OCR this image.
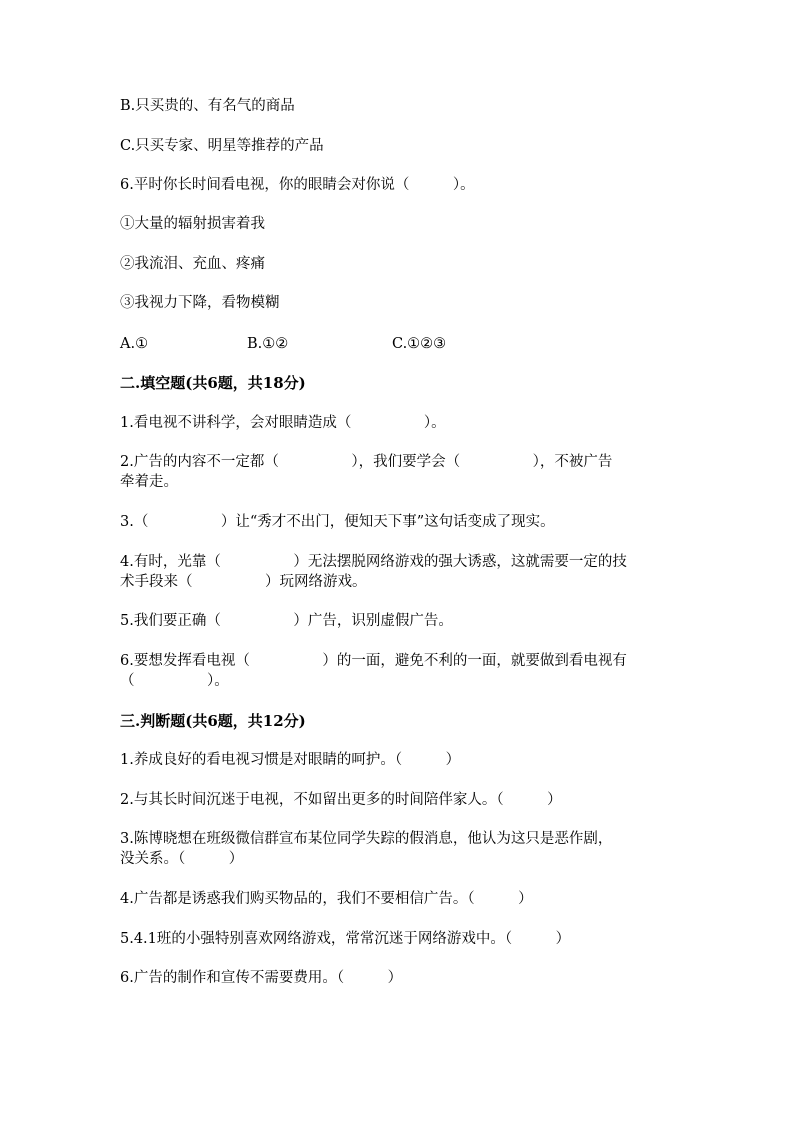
B.只买贵的、有名气的商品
C.只买专家、明星等推荐的产品
6.平时你长时间看电视，你的眼睛会对你说（　　　）。
①大量的辐射损害着我
②我流泪、充血、疼痛
③我视力下降，看物模糊
A.①	B.①②	C.①②③
二.填空题(共6题，共18分)
1.看电视不讲科学，会对眼睛造成（　　　　　）。
2.广告的内容不一定都（　　　　　），我们要学会（　　　　　），不被广告
牵着走。
3.（　　　　　）让“秀才不出门，便知天下事”这句话变成了现实。
4.有时，光靠（　　　　　）无法摆脱网络游戏的强大诱惑，这就需要一定的技
术手段来（　　　　　）玩网络游戏。
5.我们要正确（　　　　　）广告，识别虚假广告。
6.要想发挥看电视（　　　　　）的一面，避免不利的一面，就要做到看电视有
（　　　　　）。
三.判断题(共6题，共12分)
1.养成良好的看电视习惯是对眼睛的呵护。（　　　）
2.与其长时间沉迷于电视，不如留出更多的时间陪伴家人。（　　　）
3.陈博晓想在班级微信群宣布某位同学失踪的假消息，他认为这只是恶作剧，
没关系。（　　　）
4.广告都是诱惑我们购买物品的，我们不要相信广告。（　　　）
5.4.1班的小强特别喜欢网络游戏，常常沉迷于网络游戏中。（　　　）
6.广告的制作和宣传不需要费用。（　　　）
